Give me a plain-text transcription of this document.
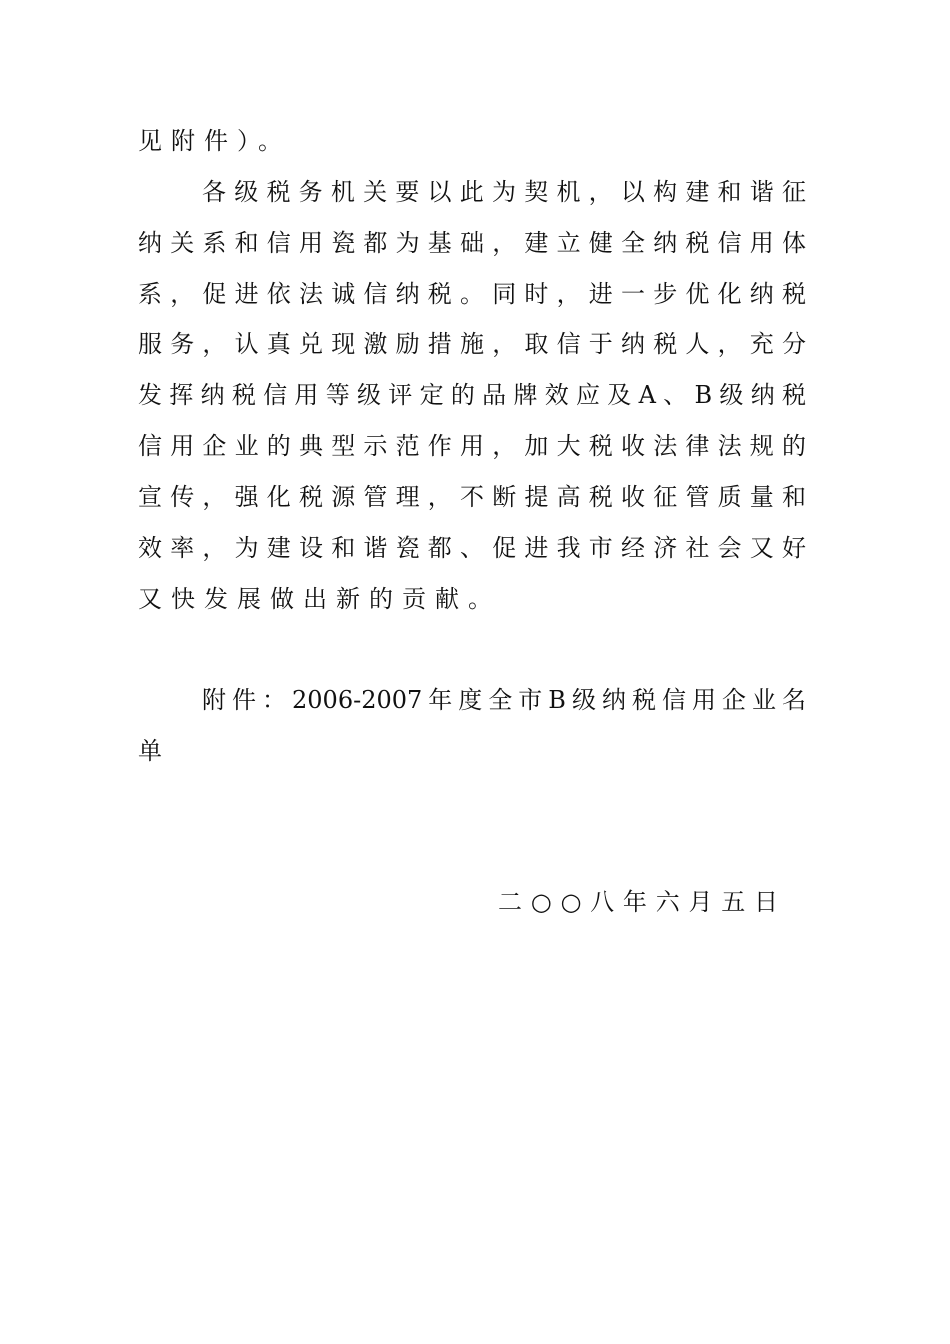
见附件）。
各级税务机关要以此为契机，以构建和谐征
纳关系和信用瓷都为基础，建立健全纳税信用体
系，促进依法诚信纳税。同时，进一步优化纳税
服务，认真兑现激励措施，取信于纳税人，充分
发挥纳税信用等级评定的品牌效应及A、B级纳税
信用企业的典型示范作用，加大税收法律法规的
宣传，强化税源管理，不断提高税收征管质量和
效率，为建设和谐瓷都、促进我市经济社会又好
又快发展做出新的贡献。
附件：2006-2007年度全市B级纳税信用企业名
单
二○○八年六月五日
